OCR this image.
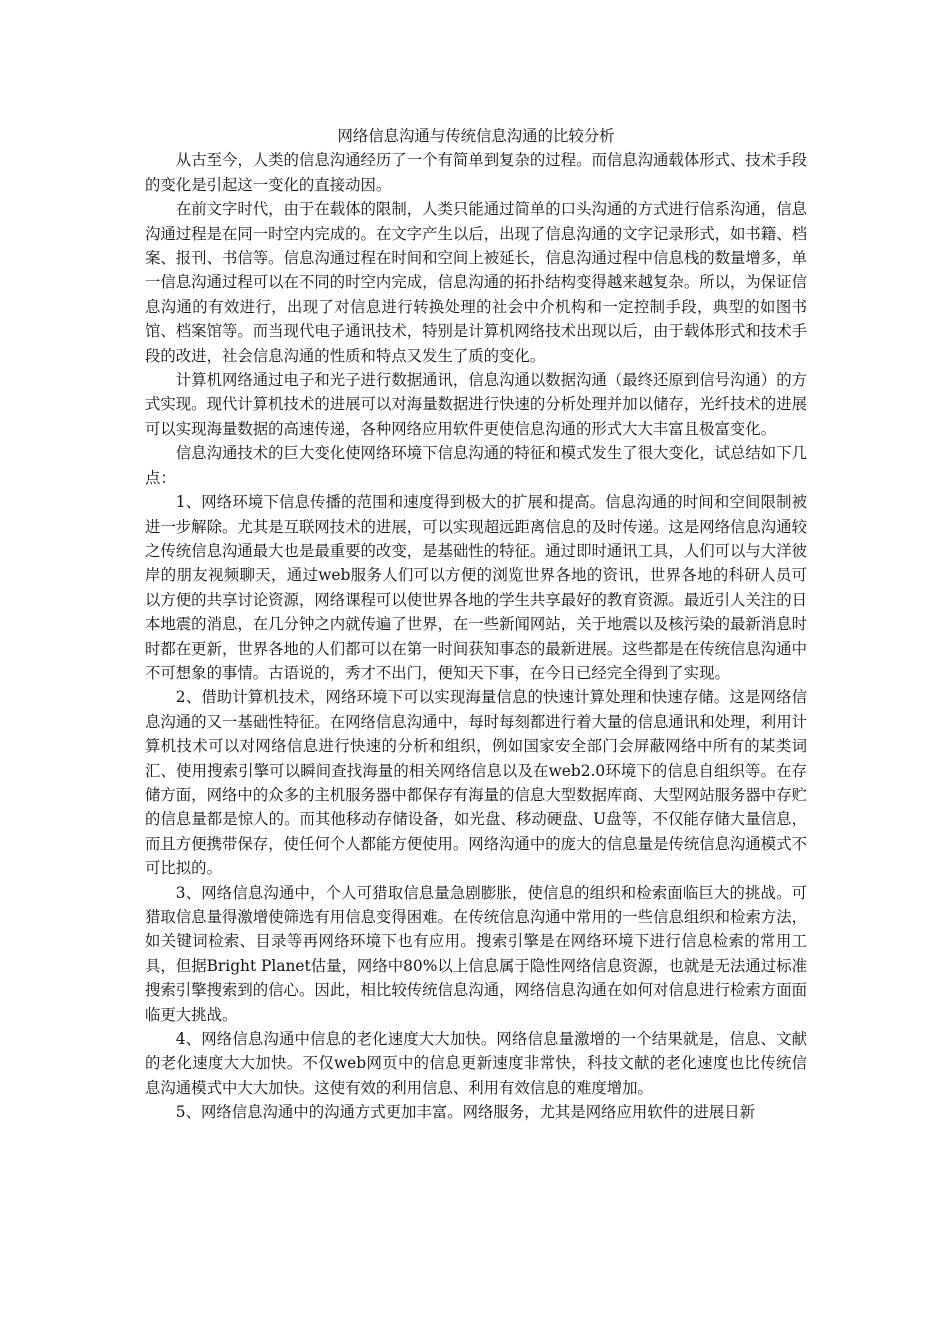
网络信息沟通与传统信息沟通的比较分析

从古至今，人类的信息沟通经历了一个有简单到复杂的过程。而信息沟通载体形式、技术手段的变化是引起这一变化的直接动因。

在前文字时代，由于在载体的限制，人类只能通过简单的口头沟通的方式进行信系沟通，信息沟通过程是在同一时空内完成的。在文字产生以后，出现了信息沟通的文字记录形式，如书籍、档案、报刊、书信等。信息沟通过程在时间和空间上被延长，信息沟通过程中信息栈的数量增多，单一信息沟通过程可以在不同的时空内完成，信息沟通的拓扑结构变得越来越复杂。所以，为保证信息沟通的有效进行，出现了对信息进行转换处理的社会中介机构和一定控制手段，典型的如图书馆、档案馆等。而当现代电子通讯技术，特别是计算机网络技术出现以后，由于载体形式和技术手段的改进，社会信息沟通的性质和特点又发生了质的变化。

计算机网络通过电子和光子进行数据通讯，信息沟通以数据沟通（最终还原到信号沟通）的方式实现。现代计算机技术的进展可以对海量数据进行快速的分析处理并加以储存，光纤技术的进展可以实现海量数据的高速传递，各种网络应用软件更使信息沟通的形式大大丰富且极富变化。

信息沟通技术的巨大变化使网络环境下信息沟通的特征和模式发生了很大变化，试总结如下几点：

1、网络环境下信息传播的范围和速度得到极大的扩展和提高。信息沟通的时间和空间限制被进一步解除。尤其是互联网技术的进展，可以实现超远距离信息的及时传递。这是网络信息沟通较之传统信息沟通最大也是最重要的改变，是基础性的特征。通过即时通讯工具，人们可以与大洋彼岸的朋友视频聊天，通过web服务人们可以方便的浏览世界各地的资讯，世界各地的科研人员可以方便的共享讨论资源，网络课程可以使世界各地的学生共享最好的教育资源。最近引人关注的日本地震的消息，在几分钟之内就传遍了世界，在一些新闻网站，关于地震以及核污染的最新消息时时都在更新，世界各地的人们都可以在第一时间获知事态的最新进展。这些都是在传统信息沟通中不可想象的事情。古语说的，秀才不出门，便知天下事，在今日已经完全得到了实现。

2、借助计算机技术，网络环境下可以实现海量信息的快速计算处理和快速存储。这是网络信息沟通的又一基础性特征。在网络信息沟通中，每时每刻都进行着大量的信息通讯和处理，利用计算机技术可以对网络信息进行快速的分析和组织，例如国家安全部门会屏蔽网络中所有的某类词汇、使用搜索引擎可以瞬间查找海量的相关网络信息以及在web2.0环境下的信息自组织等。在存储方面，网络中的众多的主机服务器中都保存有海量的信息大型数据库商、大型网站服务器中存贮的信息量都是惊人的。而其他移动存储设备，如光盘、移动硬盘、U盘等，不仅能存储大量信息，而且方便携带保存，使任何个人都能方便使用。网络沟通中的庞大的信息量是传统信息沟通模式不可比拟的。

3、网络信息沟通中，个人可猎取信息量急剧膨胀，使信息的组织和检索面临巨大的挑战。可猎取信息量得激增使筛选有用信息变得困难。在传统信息沟通中常用的一些信息组织和检索方法，如关键词检索、目录等再网络环境下也有应用。搜索引擎是在网络环境下进行信息检索的常用工具，但据Bright Planet估量，网络中80%以上信息属于隐性网络信息资源，也就是无法通过标准搜索引擎搜索到的信心。因此，相比较传统信息沟通，网络信息沟通在如何对信息进行检索方面面临更大挑战。

4、网络信息沟通中信息的老化速度大大加快。网络信息量激增的一个结果就是，信息、文献的老化速度大大加快。不仅web网页中的信息更新速度非常快，科技文献的老化速度也比传统信息沟通模式中大大加快。这使有效的利用信息、利用有效信息的难度增加。

5、网络信息沟通中的沟通方式更加丰富。网络服务，尤其是网络应用软件的进展日新
